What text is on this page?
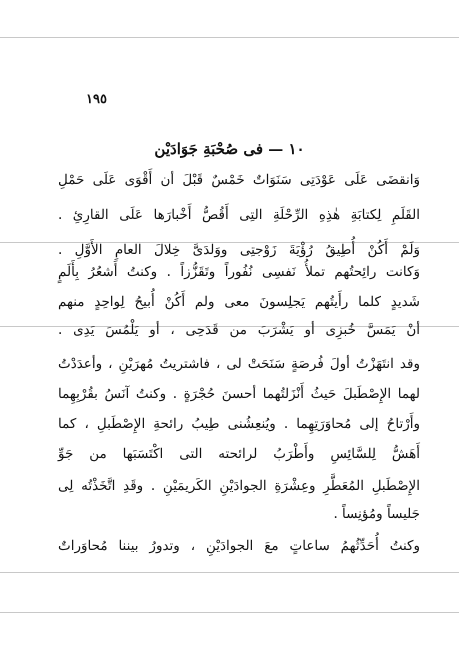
١٩٥
١٠ — فى صُحْبَةِ جَوَادَيْن
وَانقضَى عَلَى عَوْدَتِى سَنَوَاتٌ خَمْسٌ قَبْلَ أن أَقْوَى عَلَى حَمْلِ
القَلَمِ لِكتابَةِ هٰذِهِ الرِّحْلَةِ التِى أَقُصُّ أَخْبارَها عَلَى القارِئِ .
وَلَمْ أَكُنْ أُطِيقُ رُؤْيَةَ زَوْجتِى ووَلدَىَّ خِلالَ العامِ الأَوَّلِ .
وَكانت رائِحتُهم تملأُ نَفسِى نُفُوراً وتَقَزُّزاً . وكنتُ أَشعُرُ بِأَلَمٍ
شَديدٍ كلما رأَيتُهم يَجلِسونَ معى ولم أَكُنْ أُبيحُ لِواحِدٍ منهم
أنْ يَمَسَّ خُبزِى أو يَشْرَبَ من قَدَحِى ، أو يَلْمُسَ يَدِى .
وقد انتَهَزْتُ أولَ فُرصَةٍ سَنَحَتْ لى ، فاشتريتُ مُهرَيْنِ ، وأعدَدْتُ
لهما الإِصْطَبلَ حَيثُ أَنْزَلتُهما أحسنَ حُجْرَةٍ . وكنتُ آنَسُ بقُرْبِهِما
وأَرْتاحُ إلى مُحاوَرَتِهِما . ويُنعِشُنى طِيبُ رائحةِ الإِصْطَبلِ ، كما
أَهَشُّ لِلسَّائِسِ وأَطْرَبُ لرائحته التى اكْتَسَبَها من جَوِّ
الإِصْطَبلِ المُعَطَّرِ وعِشْرَةِ الجوادَيْنِ الكَريمَيْنِ . وقَدِ اتَّخَذْتُه لِى
جَليساً ومُؤنِساً .
وكنتُ أُحَدِّثُهمُ ساعاتٍ معَ الجوادَيْنِ ، وتدورُ بيننا مُحاوَراتٌ
